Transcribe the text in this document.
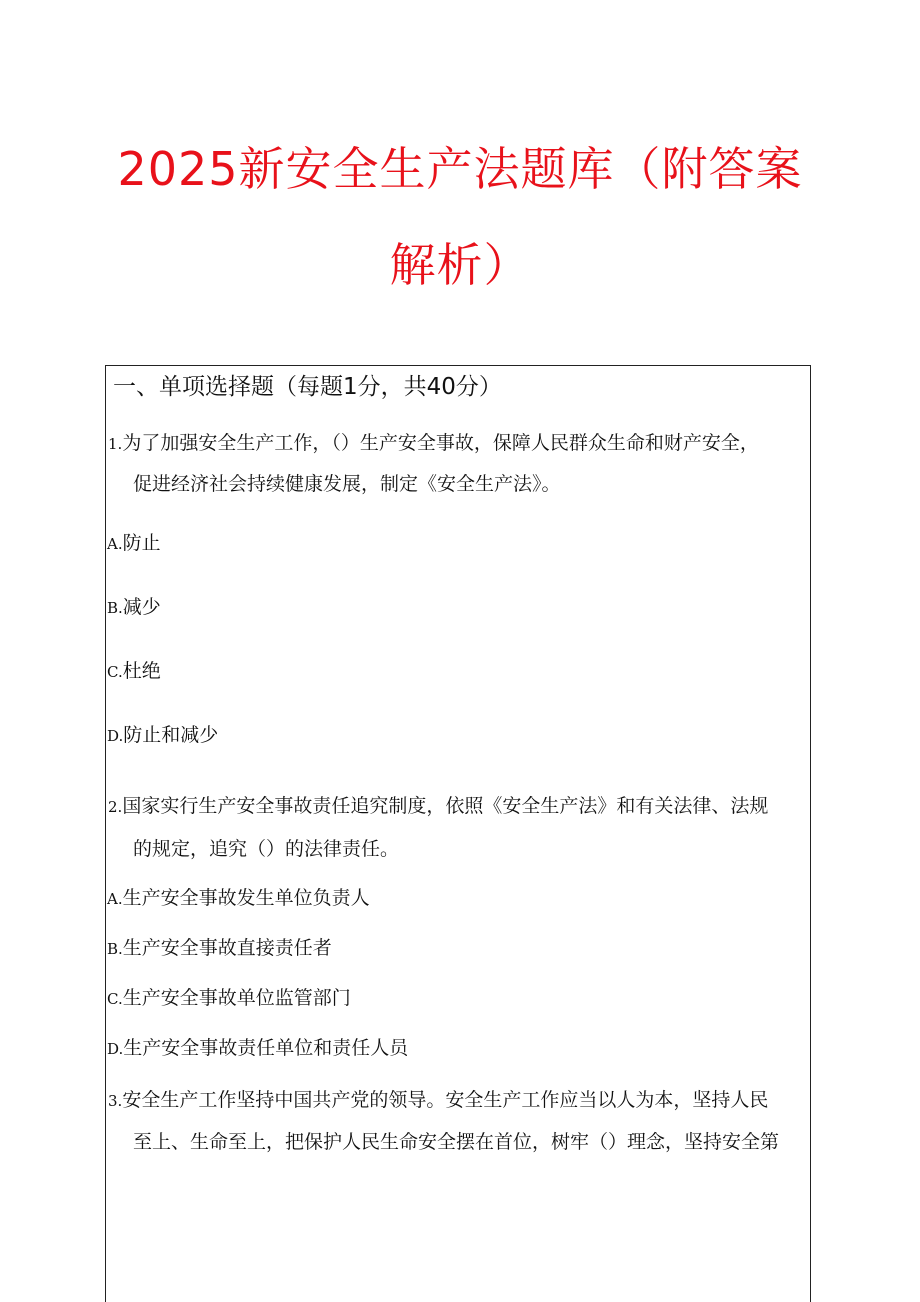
2025新安全生产法题库（附答案
解析）
一、单项选择题（每题1分，共40分）
1.为了加强安全生产工作，（）生产安全事故，保障人民群众生命和财产安全，
促进经济社会持续健康发展，制定《安全生产法》。
A.防止
B.减少
C.杜绝
D.防止和减少
2.国家实行生产安全事故责任追究制度，依照《安全生产法》和有关法律、法规
的规定，追究（）的法律责任。
A.生产安全事故发生单位负责人
B.生产安全事故直接责任者
C.生产安全事故单位监管部门
D.生产安全事故责任单位和责任人员
3.安全生产工作坚持中国共产党的领导。安全生产工作应当以人为本，坚持人民
至上、生命至上，把保护人民生命安全摆在首位，树牢（）理念，坚持安全第
